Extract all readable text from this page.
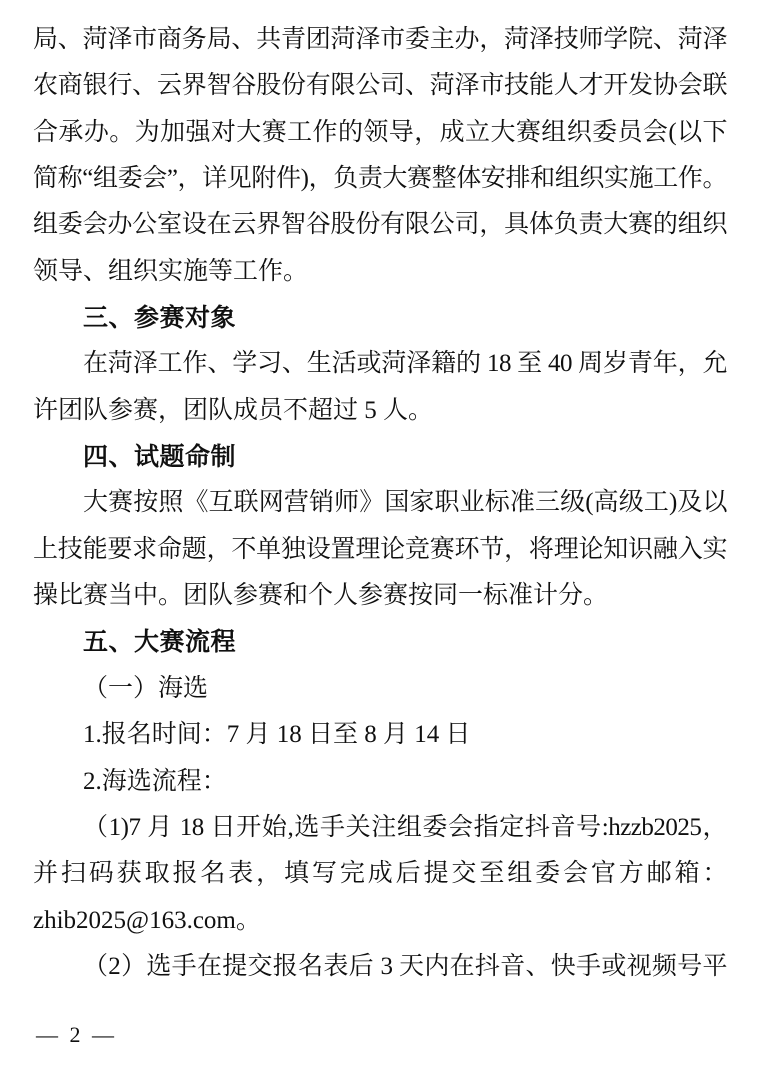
局、菏泽市商务局、共青团菏泽市委主办，菏泽技师学院、菏泽
农商银行、云界智谷股份有限公司、菏泽市技能人才开发协会联
合承办。为加强对大赛工作的领导，成立大赛组织委员会(以下
简称“组委会”，详见附件)，负责大赛整体安排和组织实施工作。
组委会办公室设在云界智谷股份有限公司，具体负责大赛的组织
领导、组织实施等工作。
三、参赛对象
在菏泽工作、学习、生活或菏泽籍的 18 至 40 周岁青年，允
许团队参赛，团队成员不超过 5 人。
四、试题命制
大赛按照《互联网营销师》国家职业标准三级(高级工)及以
上技能要求命题，不单独设置理论竞赛环节，将理论知识融入实
操比赛当中。团队参赛和个人参赛按同一标准计分。
五、大赛流程
（一）海选
1.报名时间：7 月 18 日至 8 月 14 日
2.海选流程：
（1)7 月 18 日开始,选手关注组委会指定抖音号:hzzb2025，
并扫码获取报名表，填写完成后提交至组委会官方邮箱：
zhib2025@163.com。
（2）选手在提交报名表后 3 天内在抖音、快手或视频号平
— 2 —
